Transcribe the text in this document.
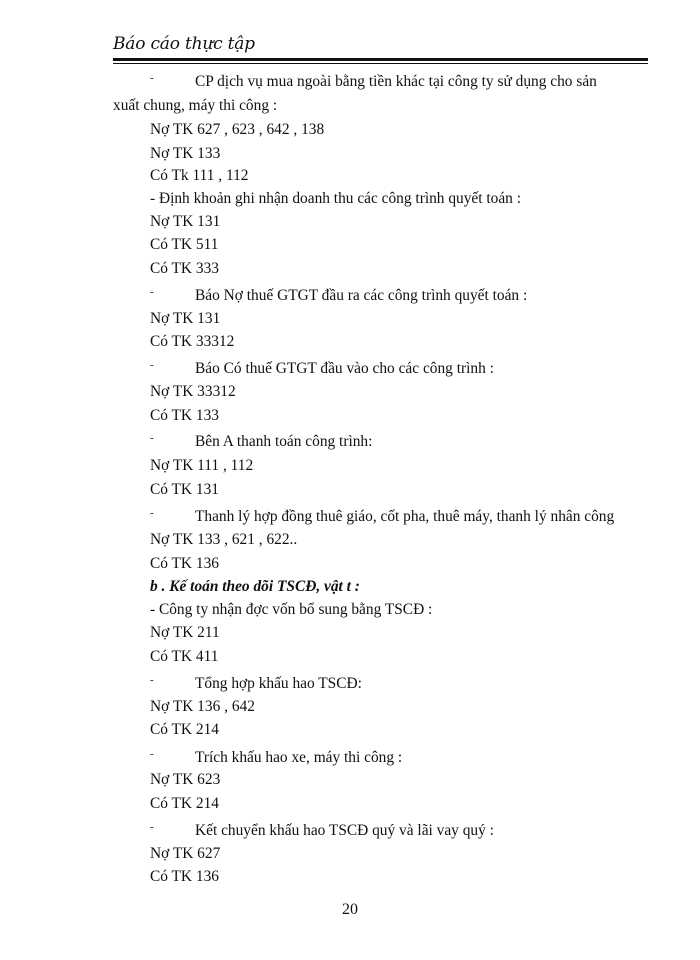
Báo cáo thực tập
-	CP dịch vụ mua ngoài bằng tiền khác tại công ty sử dụng cho sản
xuất chung, máy thi công :
Nợ TK 627 , 623 , 642 , 138
Nợ TK 133
Có Tk 111 , 112
- Định khoản ghi nhận doanh thu các công trình quyết toán :
Nợ TK 131
Có TK 511
Có TK 333
-	Báo Nợ thuế GTGT đầu ra các công trình quyết toán :
Nợ TK 131
Có TK 33312
-	Báo Có thuế GTGT đầu vào cho các công trình :
Nợ TK 33312
Có TK 133
-	Bên A thanh toán công trình:
Nợ TK 111 , 112
Có TK 131
-	Thanh lý hợp đồng thuê giáo, cốt pha, thuê máy, thanh lý nhân công
Nợ TK 133 , 621 , 622..
Có TK 136
b . Kế toán theo dõi TSCĐ, vật t :
- Công ty nhận đợc vốn bổ sung bằng TSCĐ :
Nợ TK 211
Có TK 411
-	Tổng hợp khấu hao TSCĐ:
Nợ TK 136 , 642
Có TK 214
-	Trích khấu hao xe, máy thi công :
Nợ TK 623
Có TK 214
-	Kết chuyển khấu hao TSCĐ quý và lãi vay quý :
Nợ TK 627
Có TK 136
20
